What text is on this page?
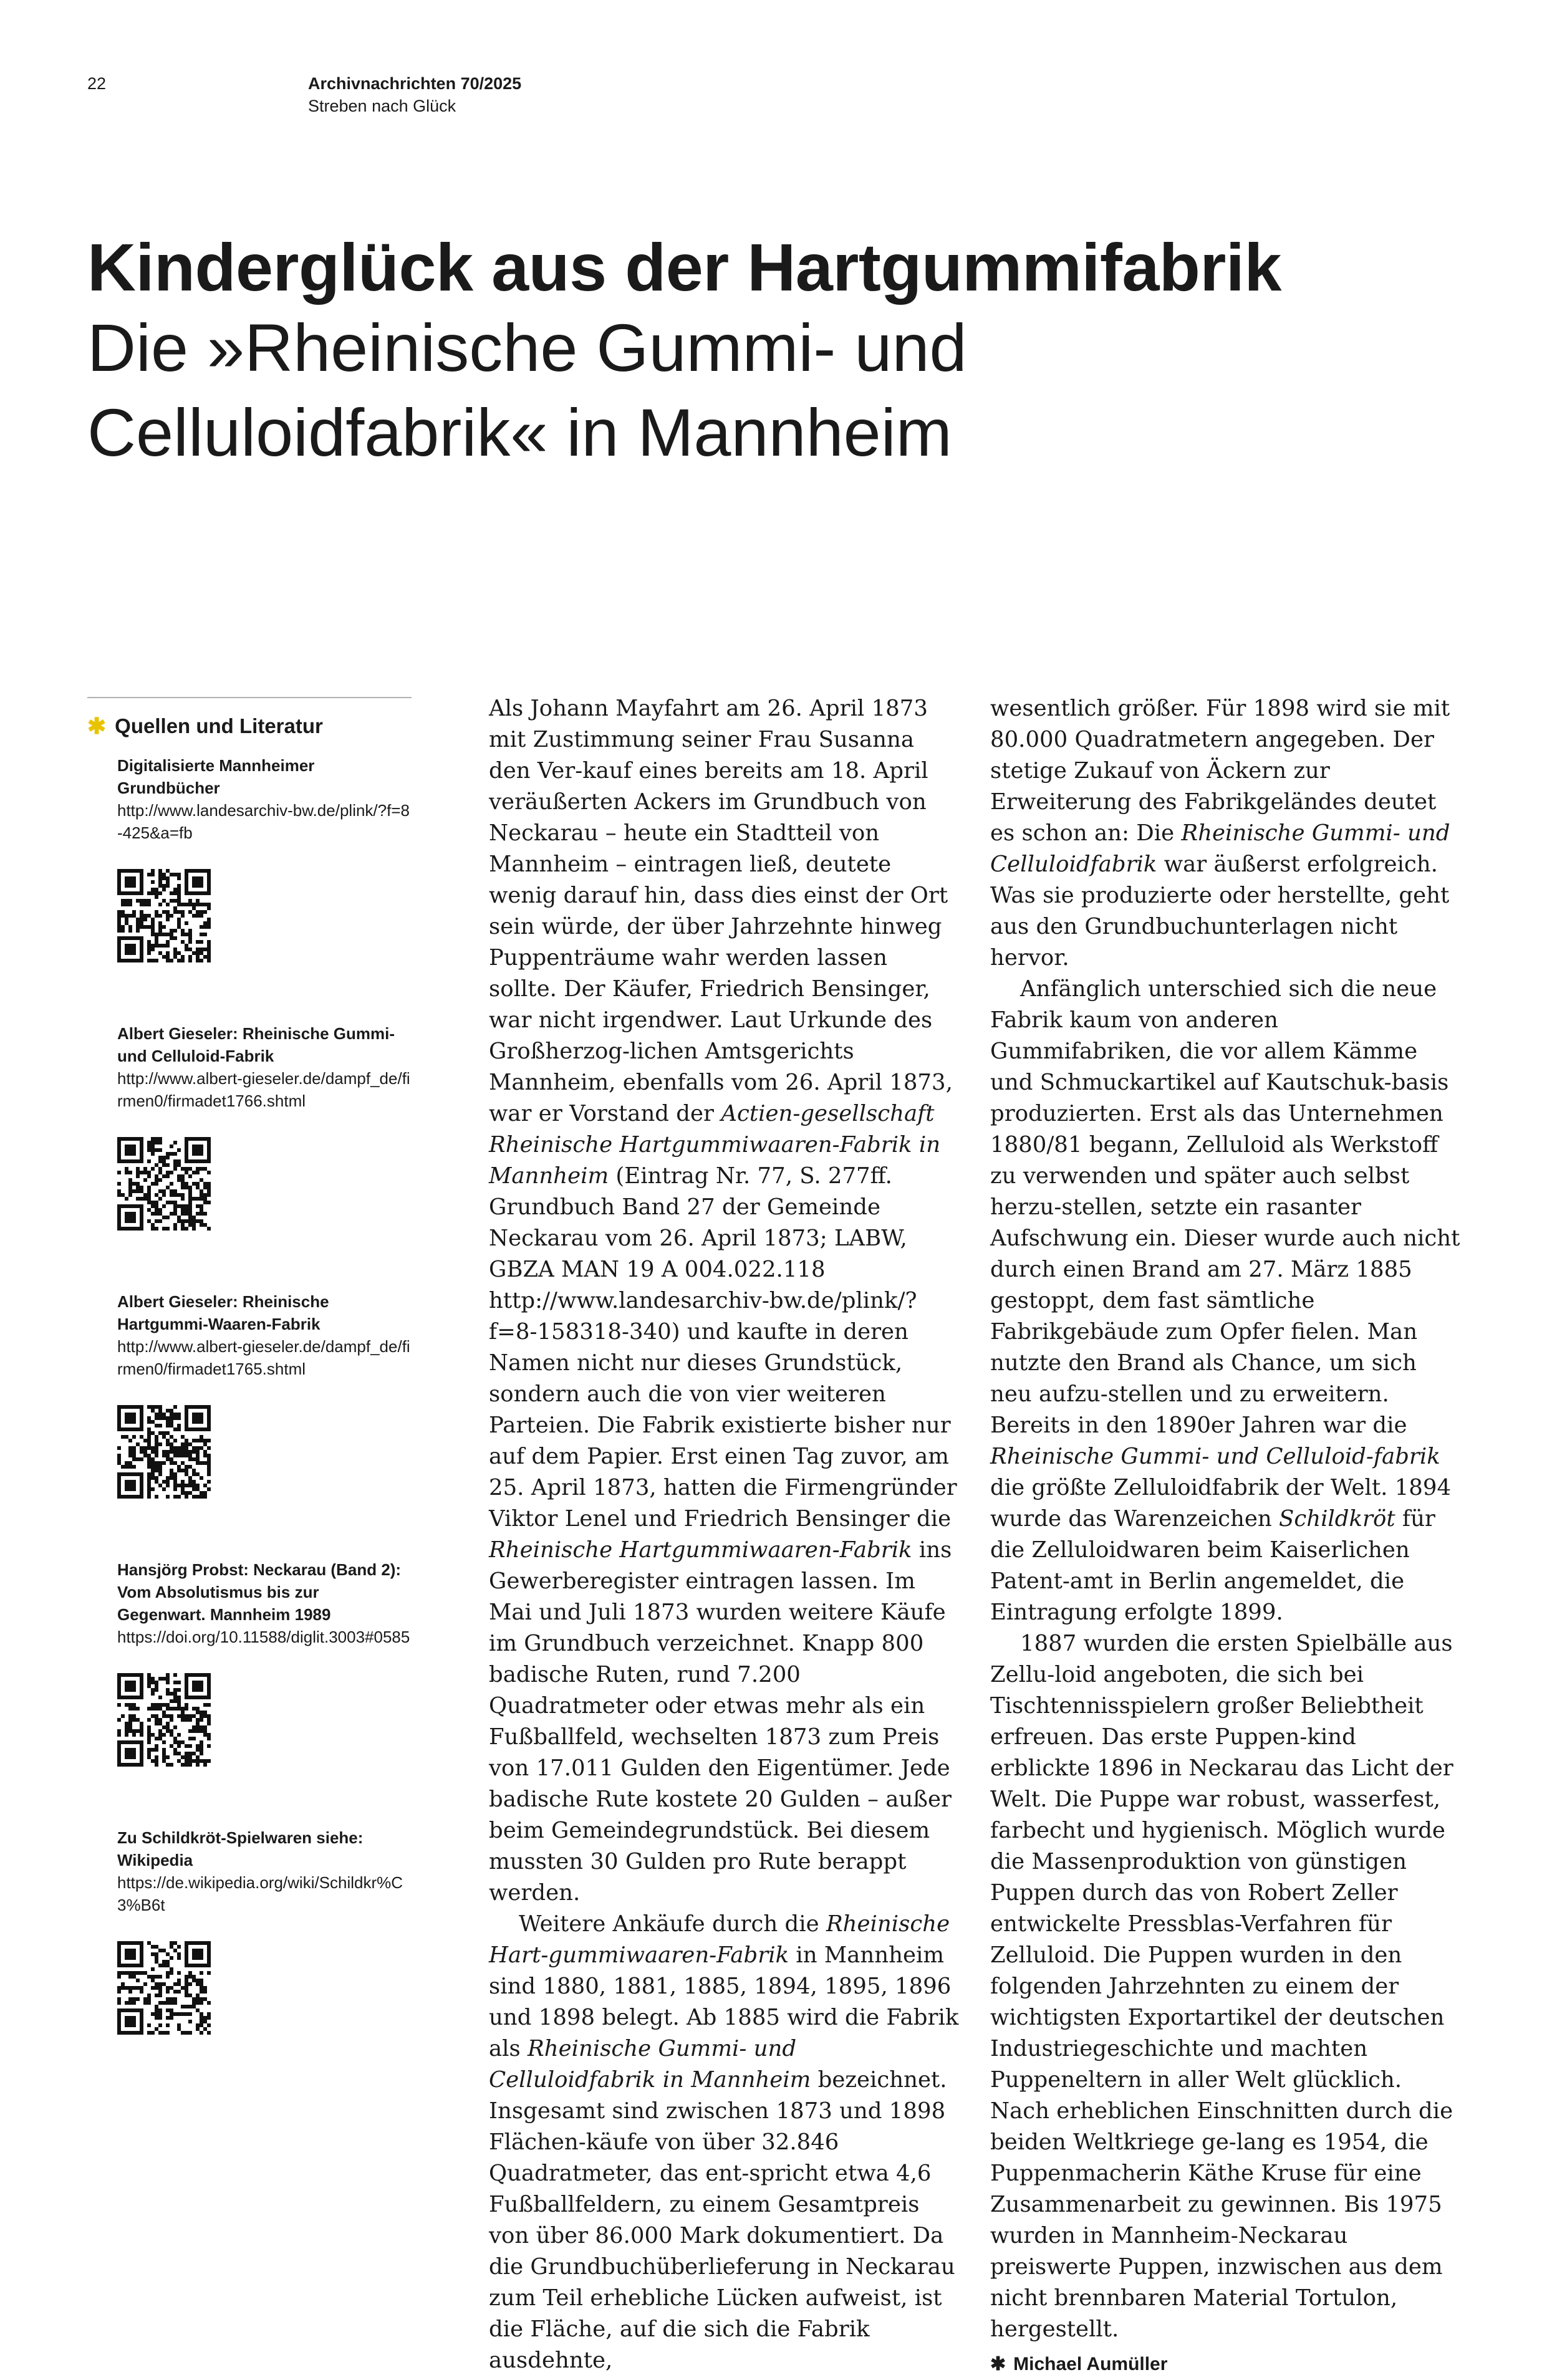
22	Archivnachrichten 70/2025
Streben nach Glück
Kinderglück aus der Hartgummifabrik

Die »Rheinische Gummi- und
Celluloidfabrik« in Mannheim

✱ Quellen und Literatur
Digitalisierte Mannheimer Grundbücher
http://www.landesarchiv-bw.de/plink/?f=8-425&a=fb
Albert Gieseler: Rheinische Gummi- und Celluloid-Fabrik
http://www.albert-gieseler.de/dampf_de/firmen0/firmadet1766.shtml
Albert Gieseler: Rheinische Hartgummi-Waaren-Fabrik
http://www.albert-gieseler.de/dampf_de/firmen0/firmadet1765.shtml
Hansjörg Probst: Neckarau (Band 2): Vom Absolutismus bis zur Gegenwart. Mannheim 1989
https://doi.org/10.11588/diglit.3003#0585
Zu Schildkröt-Spielwaren siehe: Wikipedia
https://de.wikipedia.org/wiki/Schildkr%C3%B6t

Als Johann Mayfahrt am 26. April 1873 mit Zustimmung seiner Frau Susanna den Ver-kauf eines bereits am 18. April veräußerten Ackers im Grundbuch von Neckarau – heute ein Stadtteil von Mannheim – eintragen ließ, deutete wenig darauf hin, dass dies einst der Ort sein würde, der über Jahrzehnte hinweg Puppenträume wahr werden lassen sollte. Der Käufer, Friedrich Bensinger, war nicht irgendwer. Laut Urkunde des Großherzog-lichen Amtsgerichts Mannheim, ebenfalls vom 26. April 1873, war er Vorstand der Actien-gesellschaft Rheinische Hartgummiwaaren-Fabrik in Mannheim (Eintrag Nr. 77, S. 277ff. Grundbuch Band 27 der Gemeinde Neckarau vom 26. April 1873; LABW, GBZA MAN 19 A 004.022.118 http://www.landesarchiv-bw.de/plink/?f=8-158318-340) und kaufte in deren Namen nicht nur dieses Grundstück, sondern auch die von vier weiteren Parteien. Die Fabrik existierte bisher nur auf dem Papier. Erst einen Tag zuvor, am 25. April 1873, hatten die Firmengründer Viktor Lenel und Friedrich Bensinger die Rheinische Hartgummiwaaren-Fabrik ins Gewerberegister eintragen lassen. Im Mai und Juli 1873 wurden weitere Käufe im Grundbuch verzeichnet. Knapp 800 badische Ruten, rund 7.200 Quadratmeter oder etwas mehr als ein Fußballfeld, wechselten 1873 zum Preis von 17.011 Gulden den Eigentümer. Jede badische Rute kostete 20 Gulden – außer beim Gemeindegrundstück. Bei diesem mussten 30 Gulden pro Rute berappt werden.

Weitere Ankäufe durch die Rheinische Hart-gummiwaaren-Fabrik in Mannheim sind 1880, 1881, 1885, 1894, 1895, 1896 und 1898 belegt. Ab 1885 wird die Fabrik als Rheinische Gummi- und Celluloidfabrik in Mannheim bezeichnet. Insgesamt sind zwischen 1873 und 1898 Flächen-käufe von über 32.846 Quadratmeter, das ent-spricht etwa 4,6 Fußballfeldern, zu einem Gesamtpreis von über 86.000 Mark dokumentiert. Da die Grundbuchüberlieferung in Neckarau zum Teil erhebliche Lücken aufweist, ist die Fläche, auf die sich die Fabrik ausdehnte,

wesentlich größer. Für 1898 wird sie mit 80.000 Quadratmetern angegeben. Der stetige Zukauf von Äckern zur Erweiterung des Fabrikgeländes deutet es schon an: Die Rheinische Gummi- und Celluloidfabrik war äußerst erfolgreich. Was sie produzierte oder herstellte, geht aus den Grundbuchunterlagen nicht hervor.

Anfänglich unterschied sich die neue Fabrik kaum von anderen Gummifabriken, die vor allem Kämme und Schmuckartikel auf Kautschuk-basis produzierten. Erst als das Unternehmen 1880/81 begann, Zelluloid als Werkstoff zu verwenden und später auch selbst herzu-stellen, setzte ein rasanter Aufschwung ein. Dieser wurde auch nicht durch einen Brand am 27. März 1885 gestoppt, dem fast sämtliche Fabrikgebäude zum Opfer fielen. Man nutzte den Brand als Chance, um sich neu aufzu-stellen und zu erweitern. Bereits in den 1890er Jahren war die Rheinische Gummi- und Celluloid-fabrik die größte Zelluloidfabrik der Welt. 1894 wurde das Warenzeichen Schildkröt für die Zelluloidwaren beim Kaiserlichen Patent-amt in Berlin angemeldet, die Eintragung erfolgte 1899.

1887 wurden die ersten Spielbälle aus Zellu-loid angeboten, die sich bei Tischtennisspielern großer Beliebtheit erfreuen. Das erste Puppen-kind erblickte 1896 in Neckarau das Licht der Welt. Die Puppe war robust, wasserfest, farbecht und hygienisch. Möglich wurde die Massenproduktion von günstigen Puppen durch das von Robert Zeller entwickelte Pressblas-Verfahren für Zelluloid. Die Puppen wurden in den folgenden Jahrzehnten zu einem der wichtigsten Exportartikel der deutschen Industriegeschichte und machten Puppeneltern in aller Welt glücklich. Nach erheblichen Einschnitten durch die beiden Weltkriege ge-lang es 1954, die Puppenmacherin Käthe Kruse für eine Zusammenarbeit zu gewinnen. Bis 1975 wurden in Mannheim-Neckarau preiswerte Puppen, inzwischen aus dem nicht brennbaren Material Tortulon, hergestellt.

✱ Michael Aumüller
